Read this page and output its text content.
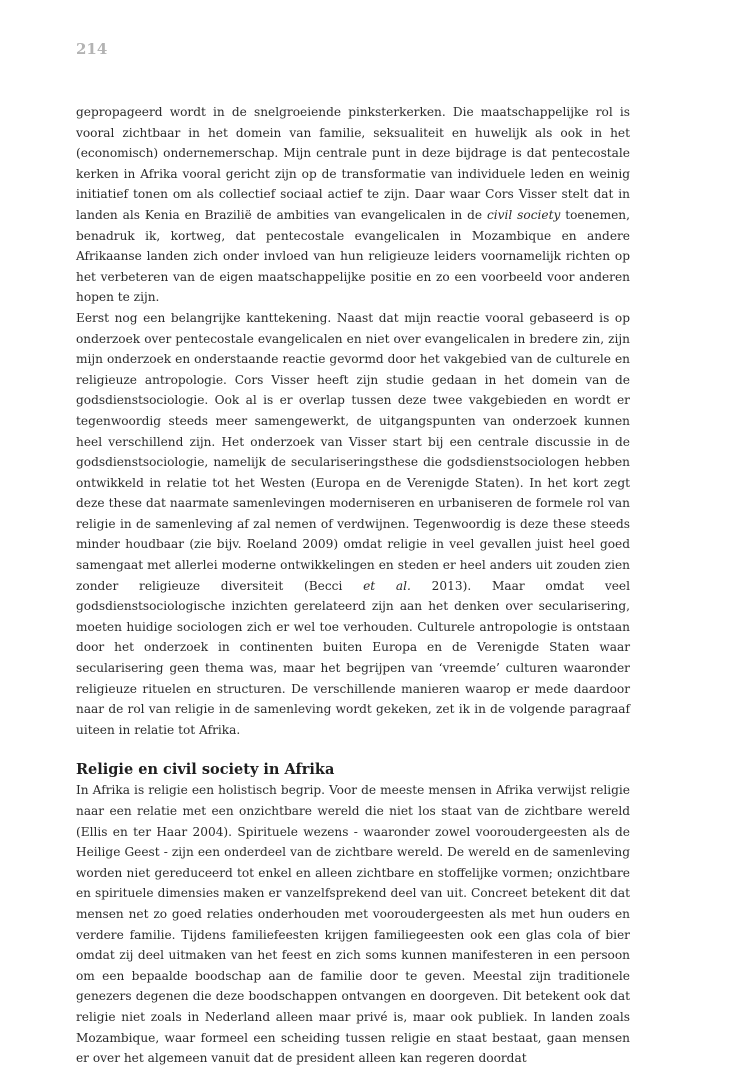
214

gepropageerd wordt in de snelgroeiende pinksterkerken. Die maatschappelijke rol is vooral zichtbaar in het domein van familie, seksualiteit en huwelijk als ook in het (economisch) ondernemerschap. Mijn centrale punt in deze bijdrage is dat pentecostale kerken in Afrika vooral gericht zijn op de transformatie van individuele leden en weinig initiatief tonen om als collectief sociaal actief te zijn. Daar waar Cors Visser stelt dat in landen als Kenia en Brazilië de ambities van evangelicalen in de civil society toenemen, benadruk ik, kortweg, dat pentecostale evangelicalen in Mozambique en andere Afrikaanse landen zich onder invloed van hun religieuze leiders voornamelijk richten op het verbeteren van de eigen maatschappelijke positie en zo een voorbeeld voor anderen hopen te zijn.

Eerst nog een belangrijke kanttekening. Naast dat mijn reactie vooral gebaseerd is op onderzoek over pentecostale evangelicalen en niet over evangelicalen in bredere zin, zijn mijn onderzoek en onderstaande reactie gevormd door het vakgebied van de culturele en religieuze antropologie. Cors Visser heeft zijn studie gedaan in het domein van de godsdienstsociologie. Ook al is er overlap tussen deze twee vakgebieden en wordt er tegenwoordig steeds meer samengewerkt, de uitgangspunten van onderzoek kunnen heel verschillend zijn. Het onderzoek van Visser start bij een centrale discussie in de godsdienstsociologie, namelijk de seculariseringsthese die godsdienstsociologen hebben ontwikkeld in relatie tot het Westen (Europa en de Verenigde Staten). In het kort zegt deze these dat naarmate samenlevingen moderniseren en urbaniseren de formele rol van religie in de samenleving af zal nemen of verdwijnen. Tegenwoordig is deze these steeds minder houdbaar (zie bijv. Roeland 2009) omdat religie in veel gevallen juist heel goed samengaat met allerlei moderne ontwikkelingen en steden er heel anders uit zouden zien zonder religieuze diversiteit (Becci et al. 2013). Maar omdat veel godsdienstsociologische inzichten gerelateerd zijn aan het denken over secularisering, moeten huidige sociologen zich er wel toe verhouden. Culturele antropologie is ontstaan door het onderzoek in continenten buiten Europa en de Verenigde Staten waar secularisering geen thema was, maar het begrijpen van ‘vreemde’ culturen waaronder religieuze rituelen en structuren. De verschillende manieren waarop er mede daardoor naar de rol van religie in de samenleving wordt gekeken, zet ik in de volgende paragraaf uiteen in relatie tot Afrika.

Religie en civil society in Afrika

In Afrika is religie een holistisch begrip. Voor de meeste mensen in Afrika verwijst religie naar een relatie met een onzichtbare wereld die niet los staat van de zichtbare wereld (Ellis en ter Haar 2004). Spirituele wezens - waaronder zowel vooroudergeesten als de Heilige Geest - zijn een onderdeel van de zichtbare wereld. De wereld en de samenleving worden niet gereduceerd tot enkel en alleen zichtbare en stoffelijke vormen; onzichtbare en spirituele dimensies maken er vanzelfsprekend deel van uit. Concreet betekent dit dat mensen net zo goed relaties onderhouden met vooroudergeesten als met hun ouders en verdere familie. Tijdens familiefeesten krijgen familiegeesten ook een glas cola of bier omdat zij deel uitmaken van het feest en zich soms kunnen manifesteren in een persoon om een bepaalde boodschap aan de familie door te geven. Meestal zijn traditionele genezers degenen die deze boodschappen ontvangen en doorgeven. Dit betekent ook dat religie niet zoals in Nederland alleen maar privé is, maar ook publiek. In landen zoals Mozambique, waar formeel een scheiding tussen religie en staat bestaat, gaan mensen er over het algemeen vanuit dat de president alleen kan regeren doordat
